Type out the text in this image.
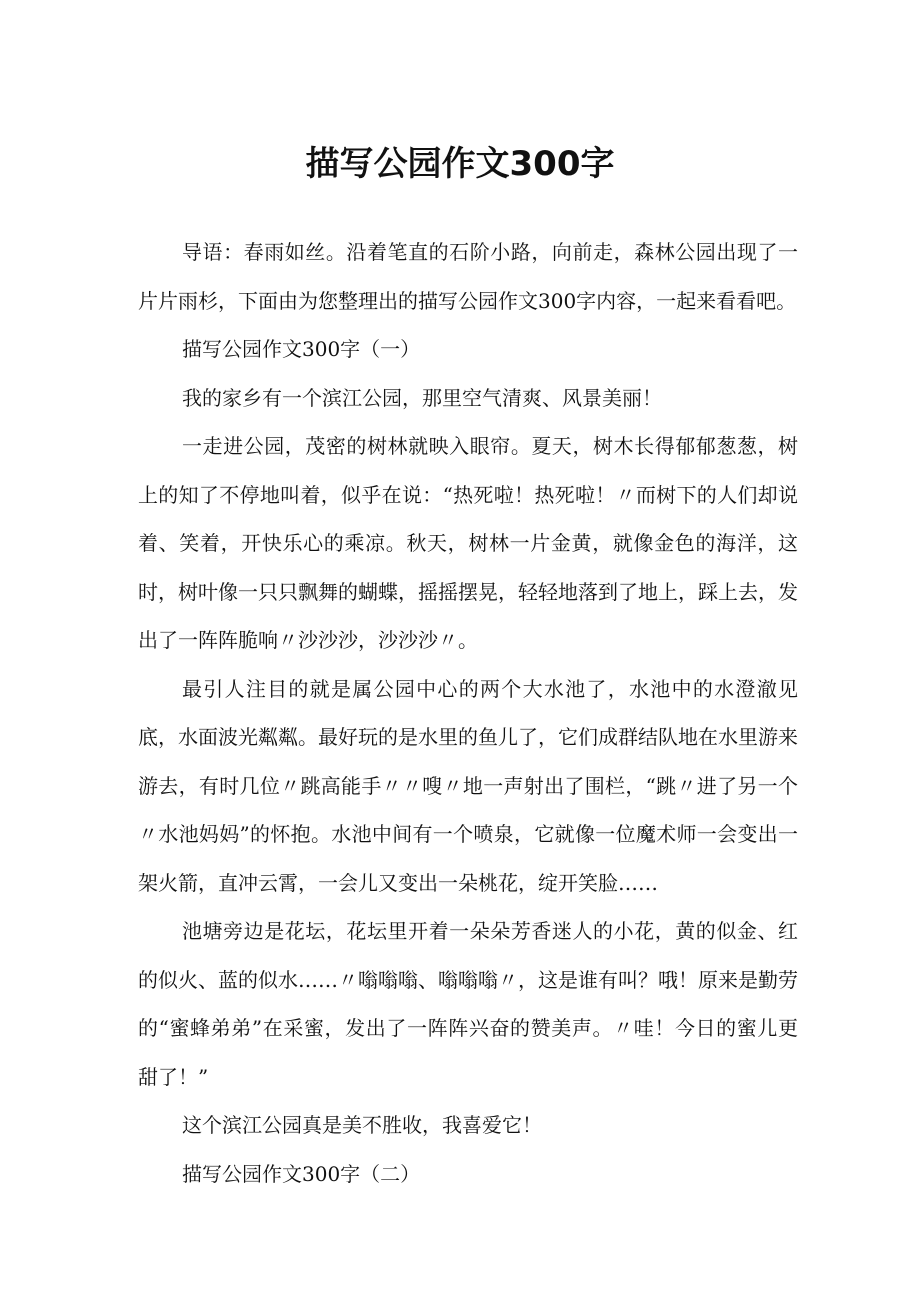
描写公园作文300字

导语：春雨如丝。沿着笔直的石阶小路，向前走，森林公园出现了一片片雨杉，下面由为您整理出的描写公园作文300字内容，一起来看看吧。

描写公园作文300字（一）

我的家乡有一个滨江公园，那里空气清爽、风景美丽！

一走进公园，茂密的树林就映入眼帘。夏天，树木长得郁郁葱葱，树上的知了不停地叫着，似乎在说：“热死啦！热死啦！〃而树下的人们却说着、笑着，开快乐心的乘凉。秋天，树林一片金黄，就像金色的海洋，这时，树叶像一只只飘舞的蝴蝶，摇摇摆晃，轻轻地落到了地上，踩上去，发出了一阵阵脆响〃沙沙沙，沙沙沙〃。

最引人注目的就是属公园中心的两个大水池了，水池中的水澄澈见底，水面波光粼粼。最好玩的是水里的鱼儿了，它们成群结队地在水里游来游去，有时几位〃跳高能手〃〃嗖〃地一声射出了围栏，“跳〃进了另一个〃水池妈妈”的怀抱。水池中间有一个喷泉，它就像一位魔术师一会变出一架火箭，直冲云霄，一会儿又变出一朵桃花，绽开笑脸……

池塘旁边是花坛，花坛里开着一朵朵芳香迷人的小花，黄的似金、红的似火、蓝的似水……〃嗡嗡嗡、嗡嗡嗡〃，这是谁有叫？哦！原来是勤劳的“蜜蜂弟弟”在采蜜，发出了一阵阵兴奋的赞美声。〃哇！今日的蜜儿更甜了！”

这个滨江公园真是美不胜收，我喜爱它！

描写公园作文300字（二）
